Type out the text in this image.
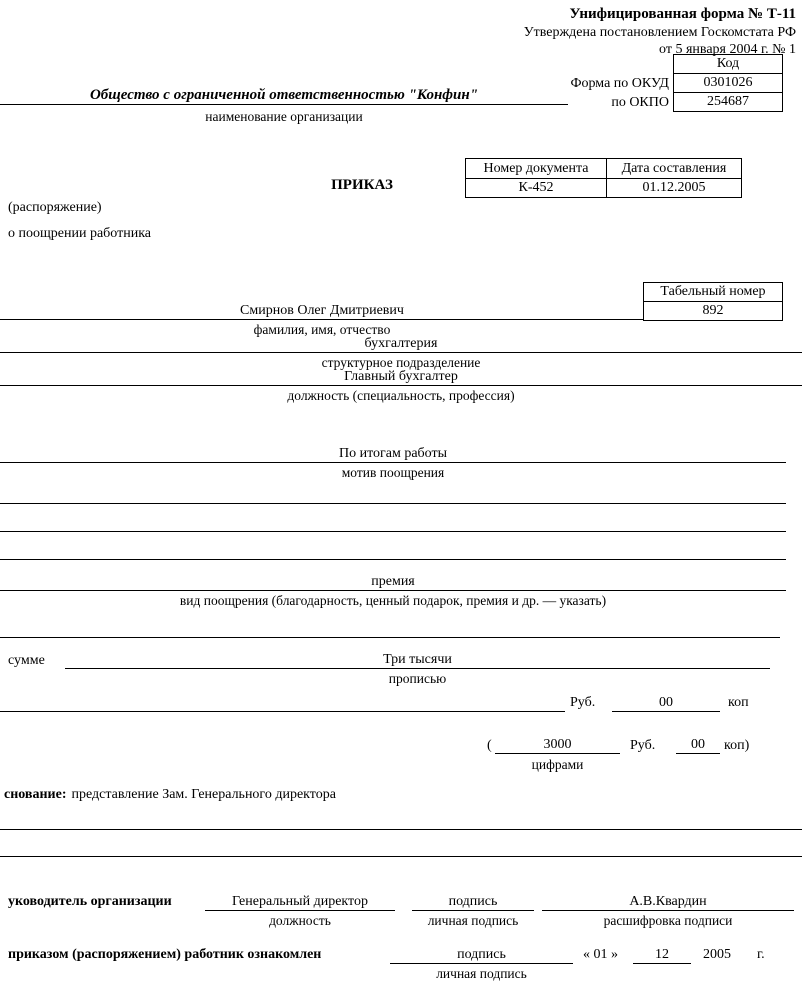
Унифицированная форма № Т-11
Утверждена постановлением Госкомстата РФ
от 5 января 2004 г. № 1
Код
0301026
254687
Форма по ОКУД
по ОКПО
Общество с ограниченной ответственностью "Конфин"
наименование организации
ПРИКАЗ
Номер документа	Дата составления
К-452	01.12.2005
(распоряжение)
о поощрении работника
Табельный номер
892
Смирнов Олег Дмитриевич
фамилия, имя, отчество
бухгалтерия
структурное подразделение
Главный бухгалтер
должность (специальность, профессия)
По итогам работы
мотив поощрения
премия
вид поощрения (благодарность, ценный подарок, премия и др. — указать)
сумме	Три тысячи
прописью
Руб.	00	коп
(	3000	Руб.	00	коп)
цифрами
снование: представление Зам. Генерального директора
уководитель организации	Генеральный директор
должность
подпись
личная подпись
А.В.Квардин
расшифровка подписи
приказом (распоряжением) работник ознакомлен	подпись
личная подпись
« 01 »	12	2005 г.
